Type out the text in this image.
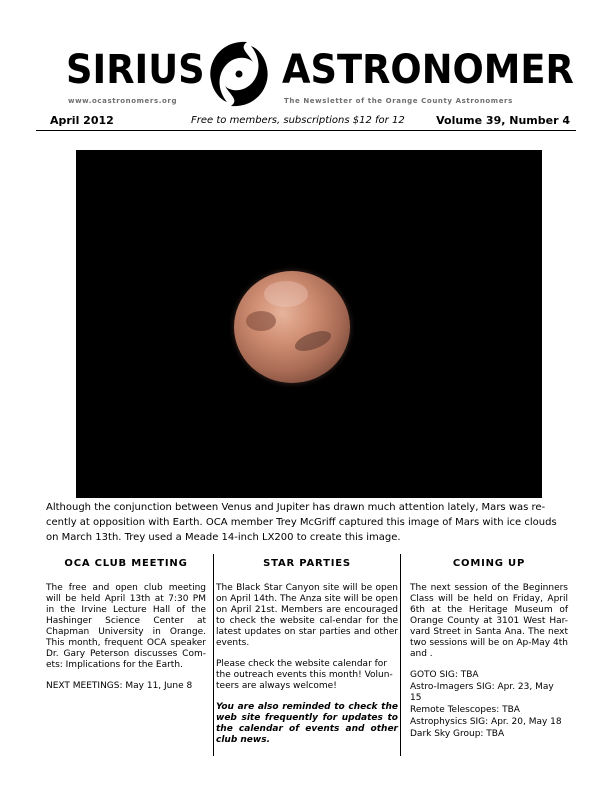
SIRIUS ASTRONOMER
www.ocastronomers.org	The Newsletter of the Orange County Astronomers
April 2012	Free to members, subscriptions $12 for 12	Volume 39, Number 4
Although the conjunction between Venus and Jupiter has drawn much attention lately, Mars was re-cently at opposition with Earth. OCA member Trey McGriff captured this image of Mars with ice clouds on March 13th. Trey used a Meade 14-inch LX200 to create this image.
OCA CLUB MEETING

The free and open club meeting will be held April 13th at 7:30 PM in the Irvine Lecture Hall of the Hashinger Science Center at Chapman University in Orange. This month, frequent OCA speaker Dr. Gary Peterson discusses Com-ets: Implications for the Earth.

NEXT MEETINGS: May 11, June 8

STAR PARTIES

The Black Star Canyon site will be open on April 14th. The Anza site will be open on April 21st. Members are encouraged to check the website cal-endar for the latest updates on star parties and other events.

Please check the website calendar for the outreach events this month! Volun-teers are always welcome!

You are also reminded to check the web site frequently for updates to the calendar of events and other club news.

COMING UP

The next session of the Beginners Class will be held on Friday, April 6th at the Heritage Museum of Orange County at 3101 West Har-vard Street in Santa Ana. The next two sessions will be on Ap-May 4th and .

GOTO SIG: TBA
Astro-Imagers SIG: Apr. 23, May 15
Remote Telescopes: TBA
Astrophysics SIG: Apr. 20, May 18
Dark Sky Group: TBA
